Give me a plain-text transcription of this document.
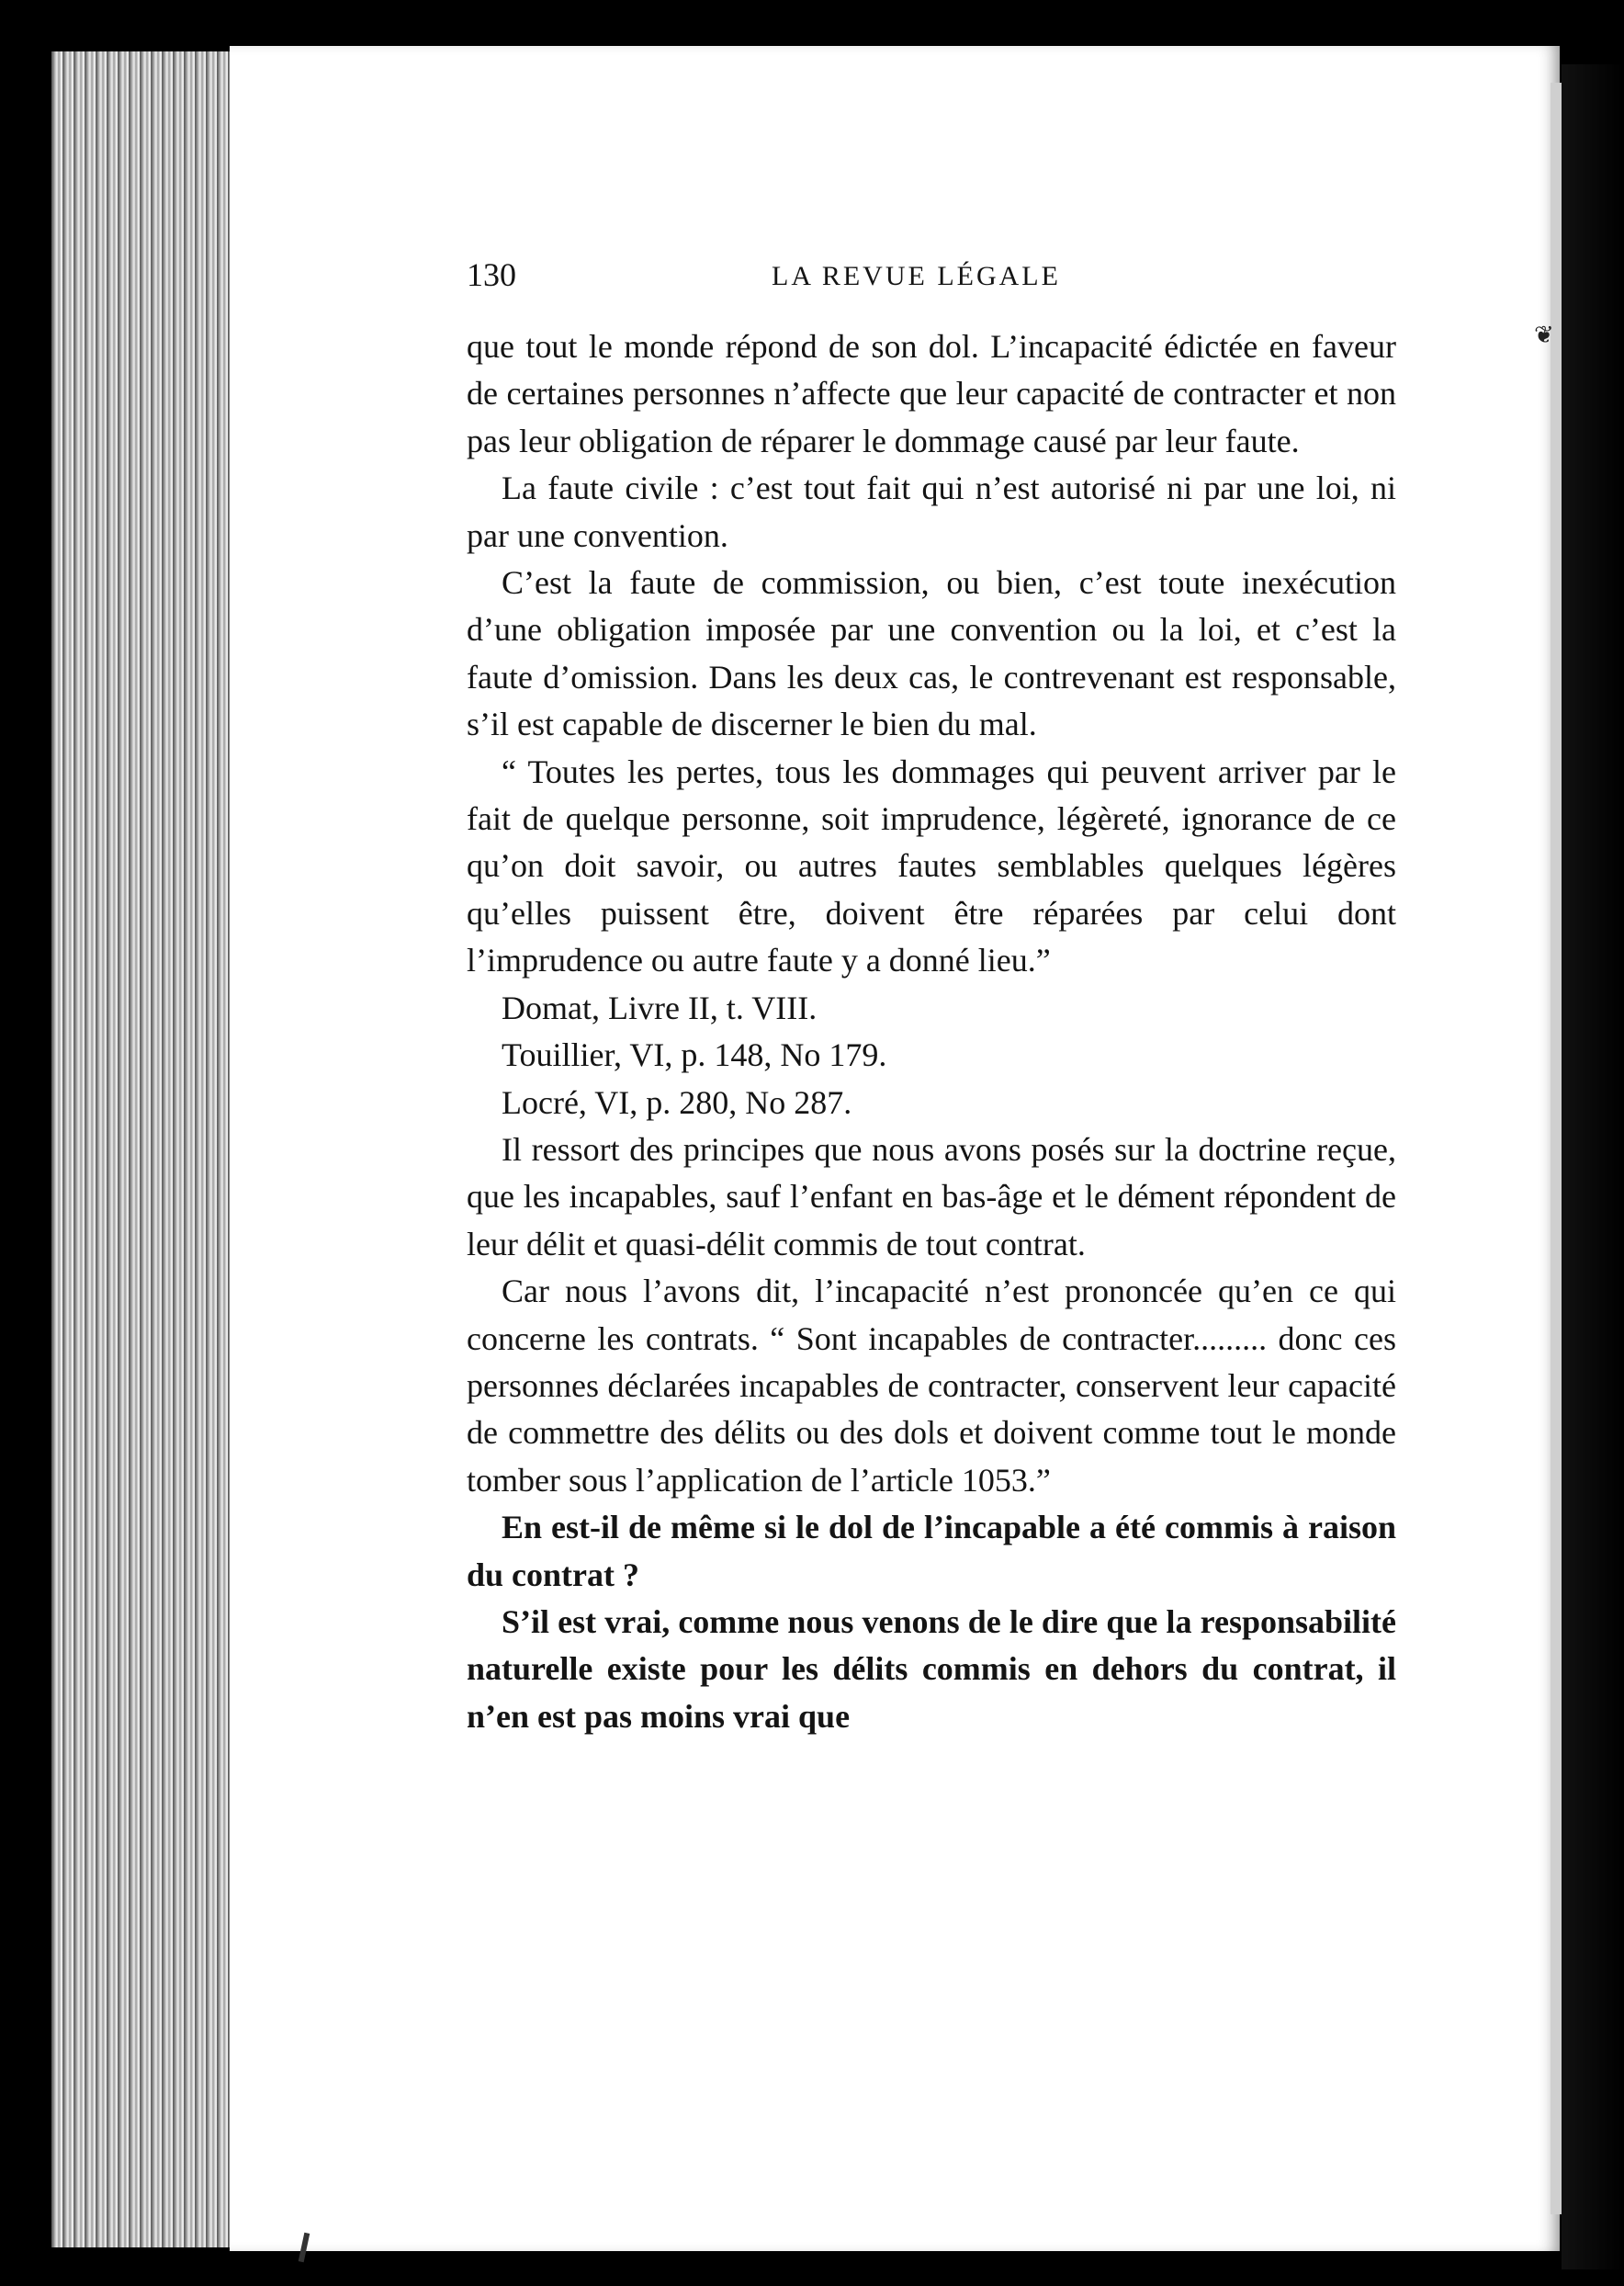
❦
130	LA REVUE LÉGALE

que tout le monde répond de son dol. L’incapacité édictée en faveur de certaines personnes n’affecte que leur capacité de contracter et non pas leur obligation de réparer le dommage causé par leur faute.

La faute civile : c’est tout fait qui n’est autorisé ni par une loi, ni par une convention.

C’est la faute de commission, ou bien, c’est toute inexécution d’une obligation imposée par une convention ou la loi, et c’est la faute d’omission. Dans les deux cas, le contrevenant est responsable, s’il est capable de discerner le bien du mal.

“ Toutes les pertes, tous les dommages qui peuvent arriver par le fait de quelque personne, soit imprudence, légèreté, ignorance de ce qu’on doit savoir, ou autres fautes semblables quelques légères qu’elles puissent être, doivent être réparées par celui dont l’imprudence ou autre faute y a donné lieu.”

Domat, Livre II, t. VIII.

Touillier, VI, p. 148, No 179.

Locré, VI, p. 280, No 287.

Il ressort des principes que nous avons posés sur la doctrine reçue, que les incapables, sauf l’enfant en bas-âge et le dément répondent de leur délit et quasi-délit commis de tout contrat.

Car nous l’avons dit, l’incapacité n’est prononcée qu’en ce qui concerne les contrats. “ Sont incapables de contracter......... donc ces personnes déclarées incapables de contracter, conservent leur capacité de commettre des délits ou des dols et doivent comme tout le monde tomber sous l’application de l’article 1053.”

En est-il de même si le dol de l’incapable a été commis à raison du contrat ?

S’il est vrai, comme nous venons de le dire que la responsabilité naturelle existe pour les délits commis en dehors du contrat, il n’en est pas moins vrai que
